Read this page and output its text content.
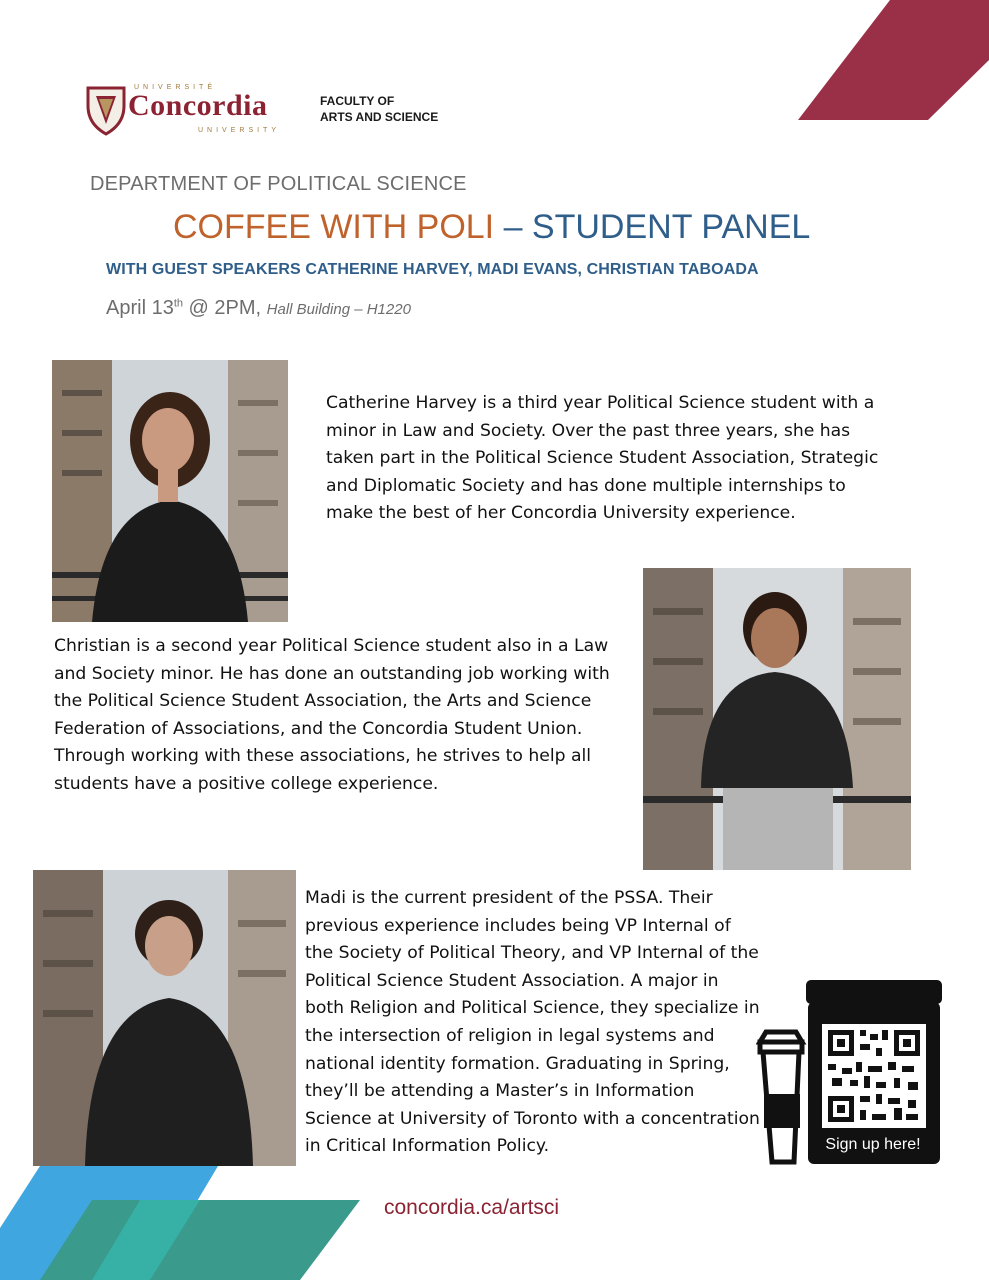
UNIVERSITÉ
Concordia
UNIVERSITY
FACULTY OF
ARTS AND SCIENCE
DEPARTMENT OF POLITICAL SCIENCE
COFFEE WITH POLI – STUDENT PANEL
WITH GUEST SPEAKERS CATHERINE HARVEY, MADI EVANS, CHRISTIAN TABOADA
April 13th @ 2PM, Hall Building – H1220
Catherine Harvey is a third year Political Science student with a minor in Law and Society. Over the past three years, she has taken part in the Political Science Student Association, Strategic and Diplomatic Society and has done multiple internships to make the best of her Concordia University experience.
Christian is a second year Political Science student also in a Law and Society minor. He has done an outstanding job working with the Political Science Student Association, the Arts and Science Federation of Associations, and the Concordia Student Union. Through working with these associations, he strives to help all students have a positive college experience.
Madi is the current president of the PSSA. Their previous experience includes being VP Internal of the Society of Political Theory, and VP Internal of the Political Science Student Association. A major in both Religion and Political Science, they specialize in the intersection of religion in legal systems and national identity formation. Graduating in Spring, they’ll be attending a Master’s in Information Science at University of Toronto with a concentration in Critical Information Policy.	Sign up here!
concordia.ca/artsci
